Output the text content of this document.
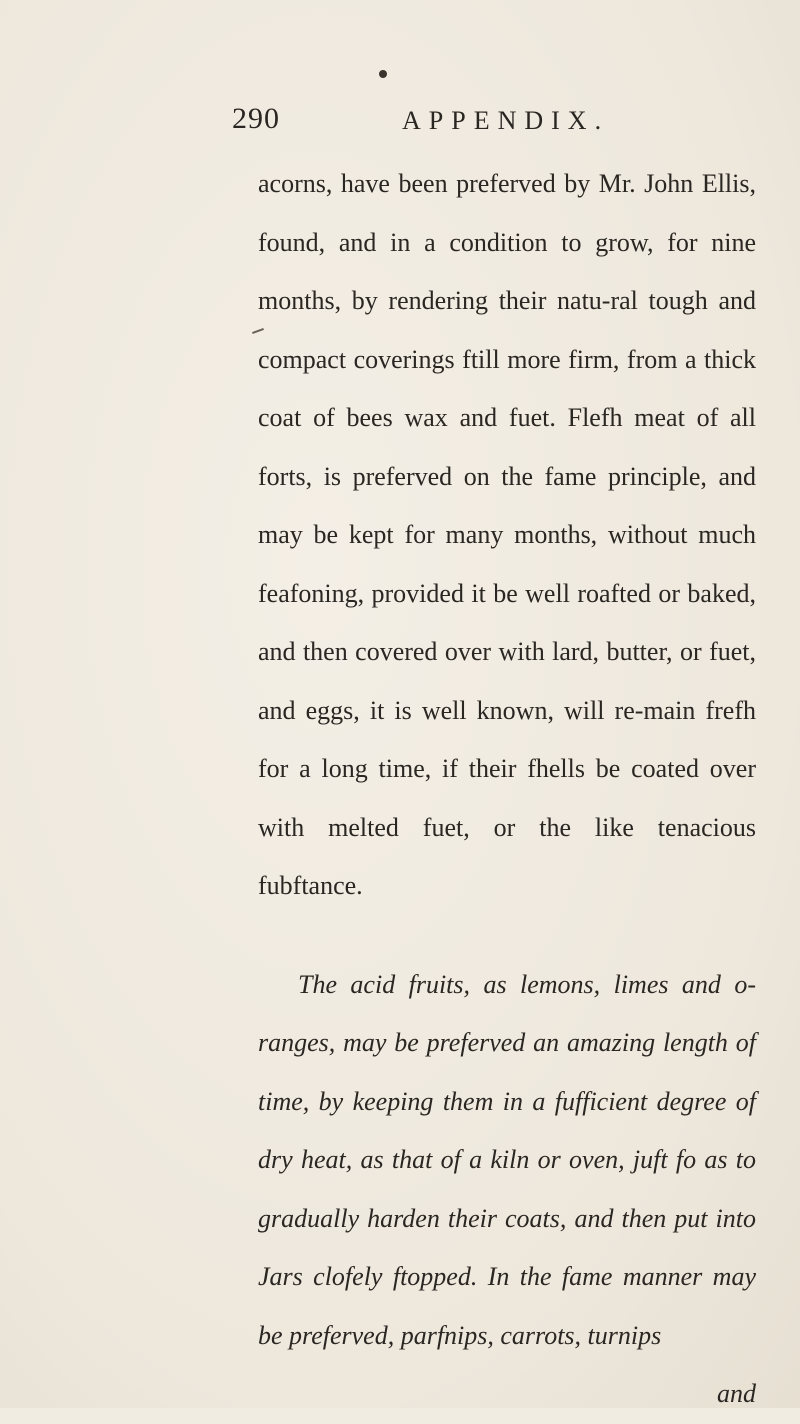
290	APPENDIX.

acorns, have been preferved by Mr. John Ellis, found, and in a condition to grow, for nine months, by rendering their natu-ral tough and compact coverings ftill more firm, from a thick coat of bees wax and fuet. Flefh meat of all forts, is preferved on the fame principle, and may be kept for many months, without much feafoning, provided it be well roafted or baked, and then covered over with lard, butter, or fuet, and eggs, it is well known, will re-main frefh for a long time, if their fhells be coated over with melted fuet, or the like tenacious fubftance.

The acid fruits, as lemons, limes and o-ranges, may be preferved an amazing length of time, by keeping them in a fufficient degree of dry heat, as that of a kiln or oven, juft fo as to gradually harden their coats, and then put into Jars clofely ftopped. In the fame manner may be preferved, parfnips, carrots, turnips

and
